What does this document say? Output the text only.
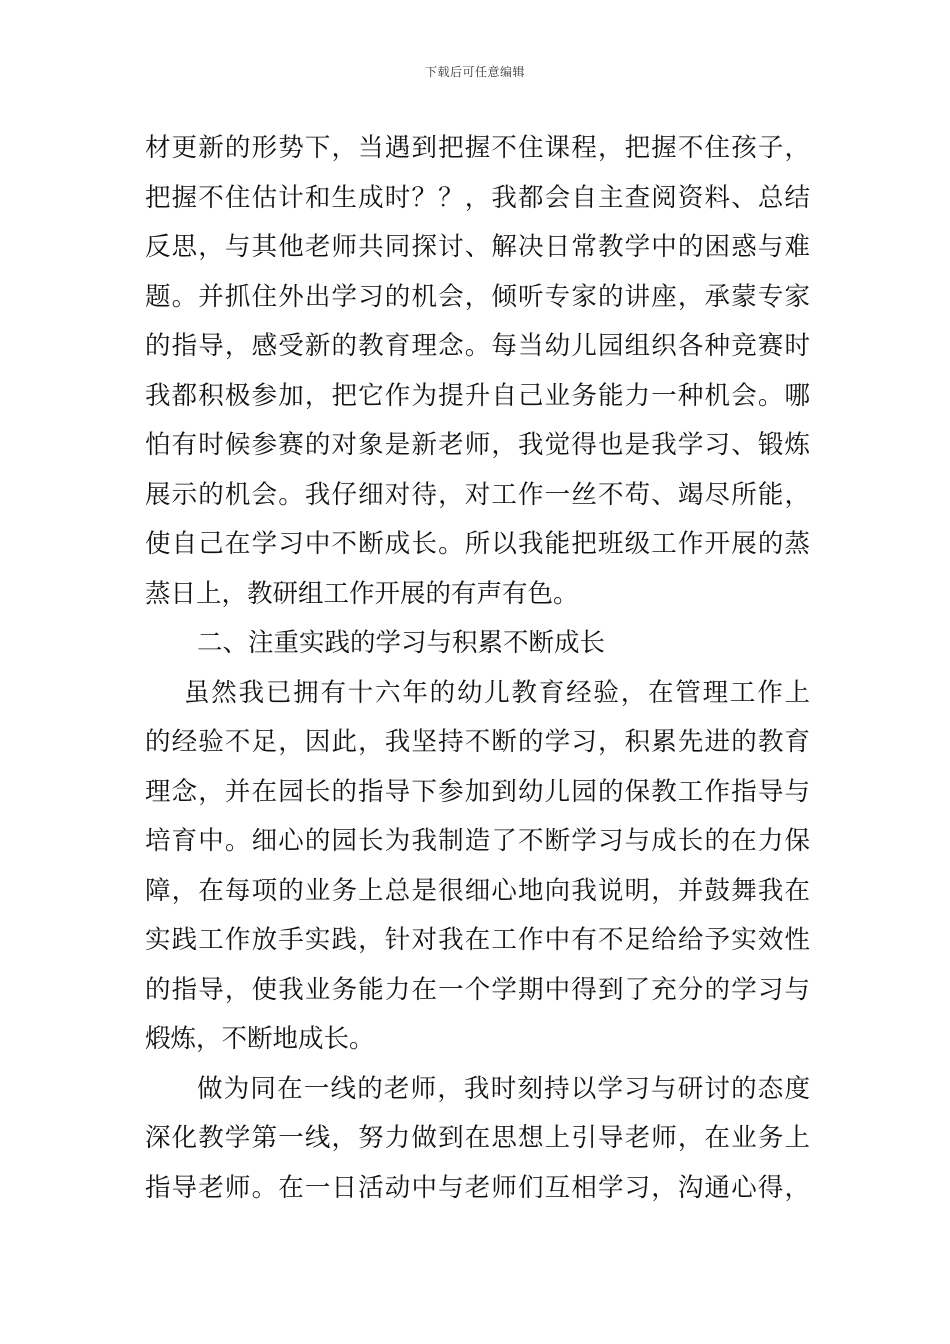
下载后可任意编辑
材更新的形势下，当遇到把握不住课程，把握不住孩子，
把握不住估计和生成时？？，我都会自主查阅资料、总结
反思，与其他老师共同探讨、解决日常教学中的困惑与难
题。并抓住外出学习的机会，倾听专家的讲座，承蒙专家
的指导，感受新的教育理念。每当幼儿园组织各种竞赛时
我都积极参加，把它作为提升自己业务能力一种机会。哪
怕有时候参赛的对象是新老师，我觉得也是我学习、锻炼
展示的机会。我仔细对待，对工作一丝不苟、竭尽所能，
使自己在学习中不断成长。所以我能把班级工作开展的蒸
蒸日上，教研组工作开展的有声有色。
二、注重实践的学习与积累不断成长
虽然我已拥有十六年的幼儿教育经验，在管理工作上
的经验不足，因此，我坚持不断的学习，积累先进的教育
理念，并在园长的指导下参加到幼儿园的保教工作指导与
培育中。细心的园长为我制造了不断学习与成长的在力保
障，在每项的业务上总是很细心地向我说明，并鼓舞我在
实践工作放手实践，针对我在工作中有不足给给予实效性
的指导，使我业务能力在一个学期中得到了充分的学习与
煅炼，不断地成长。
做为同在一线的老师，我时刻持以学习与研讨的态度
深化教学第一线，努力做到在思想上引导老师，在业务上
指导老师。在一日活动中与老师们互相学习，沟通心得，
